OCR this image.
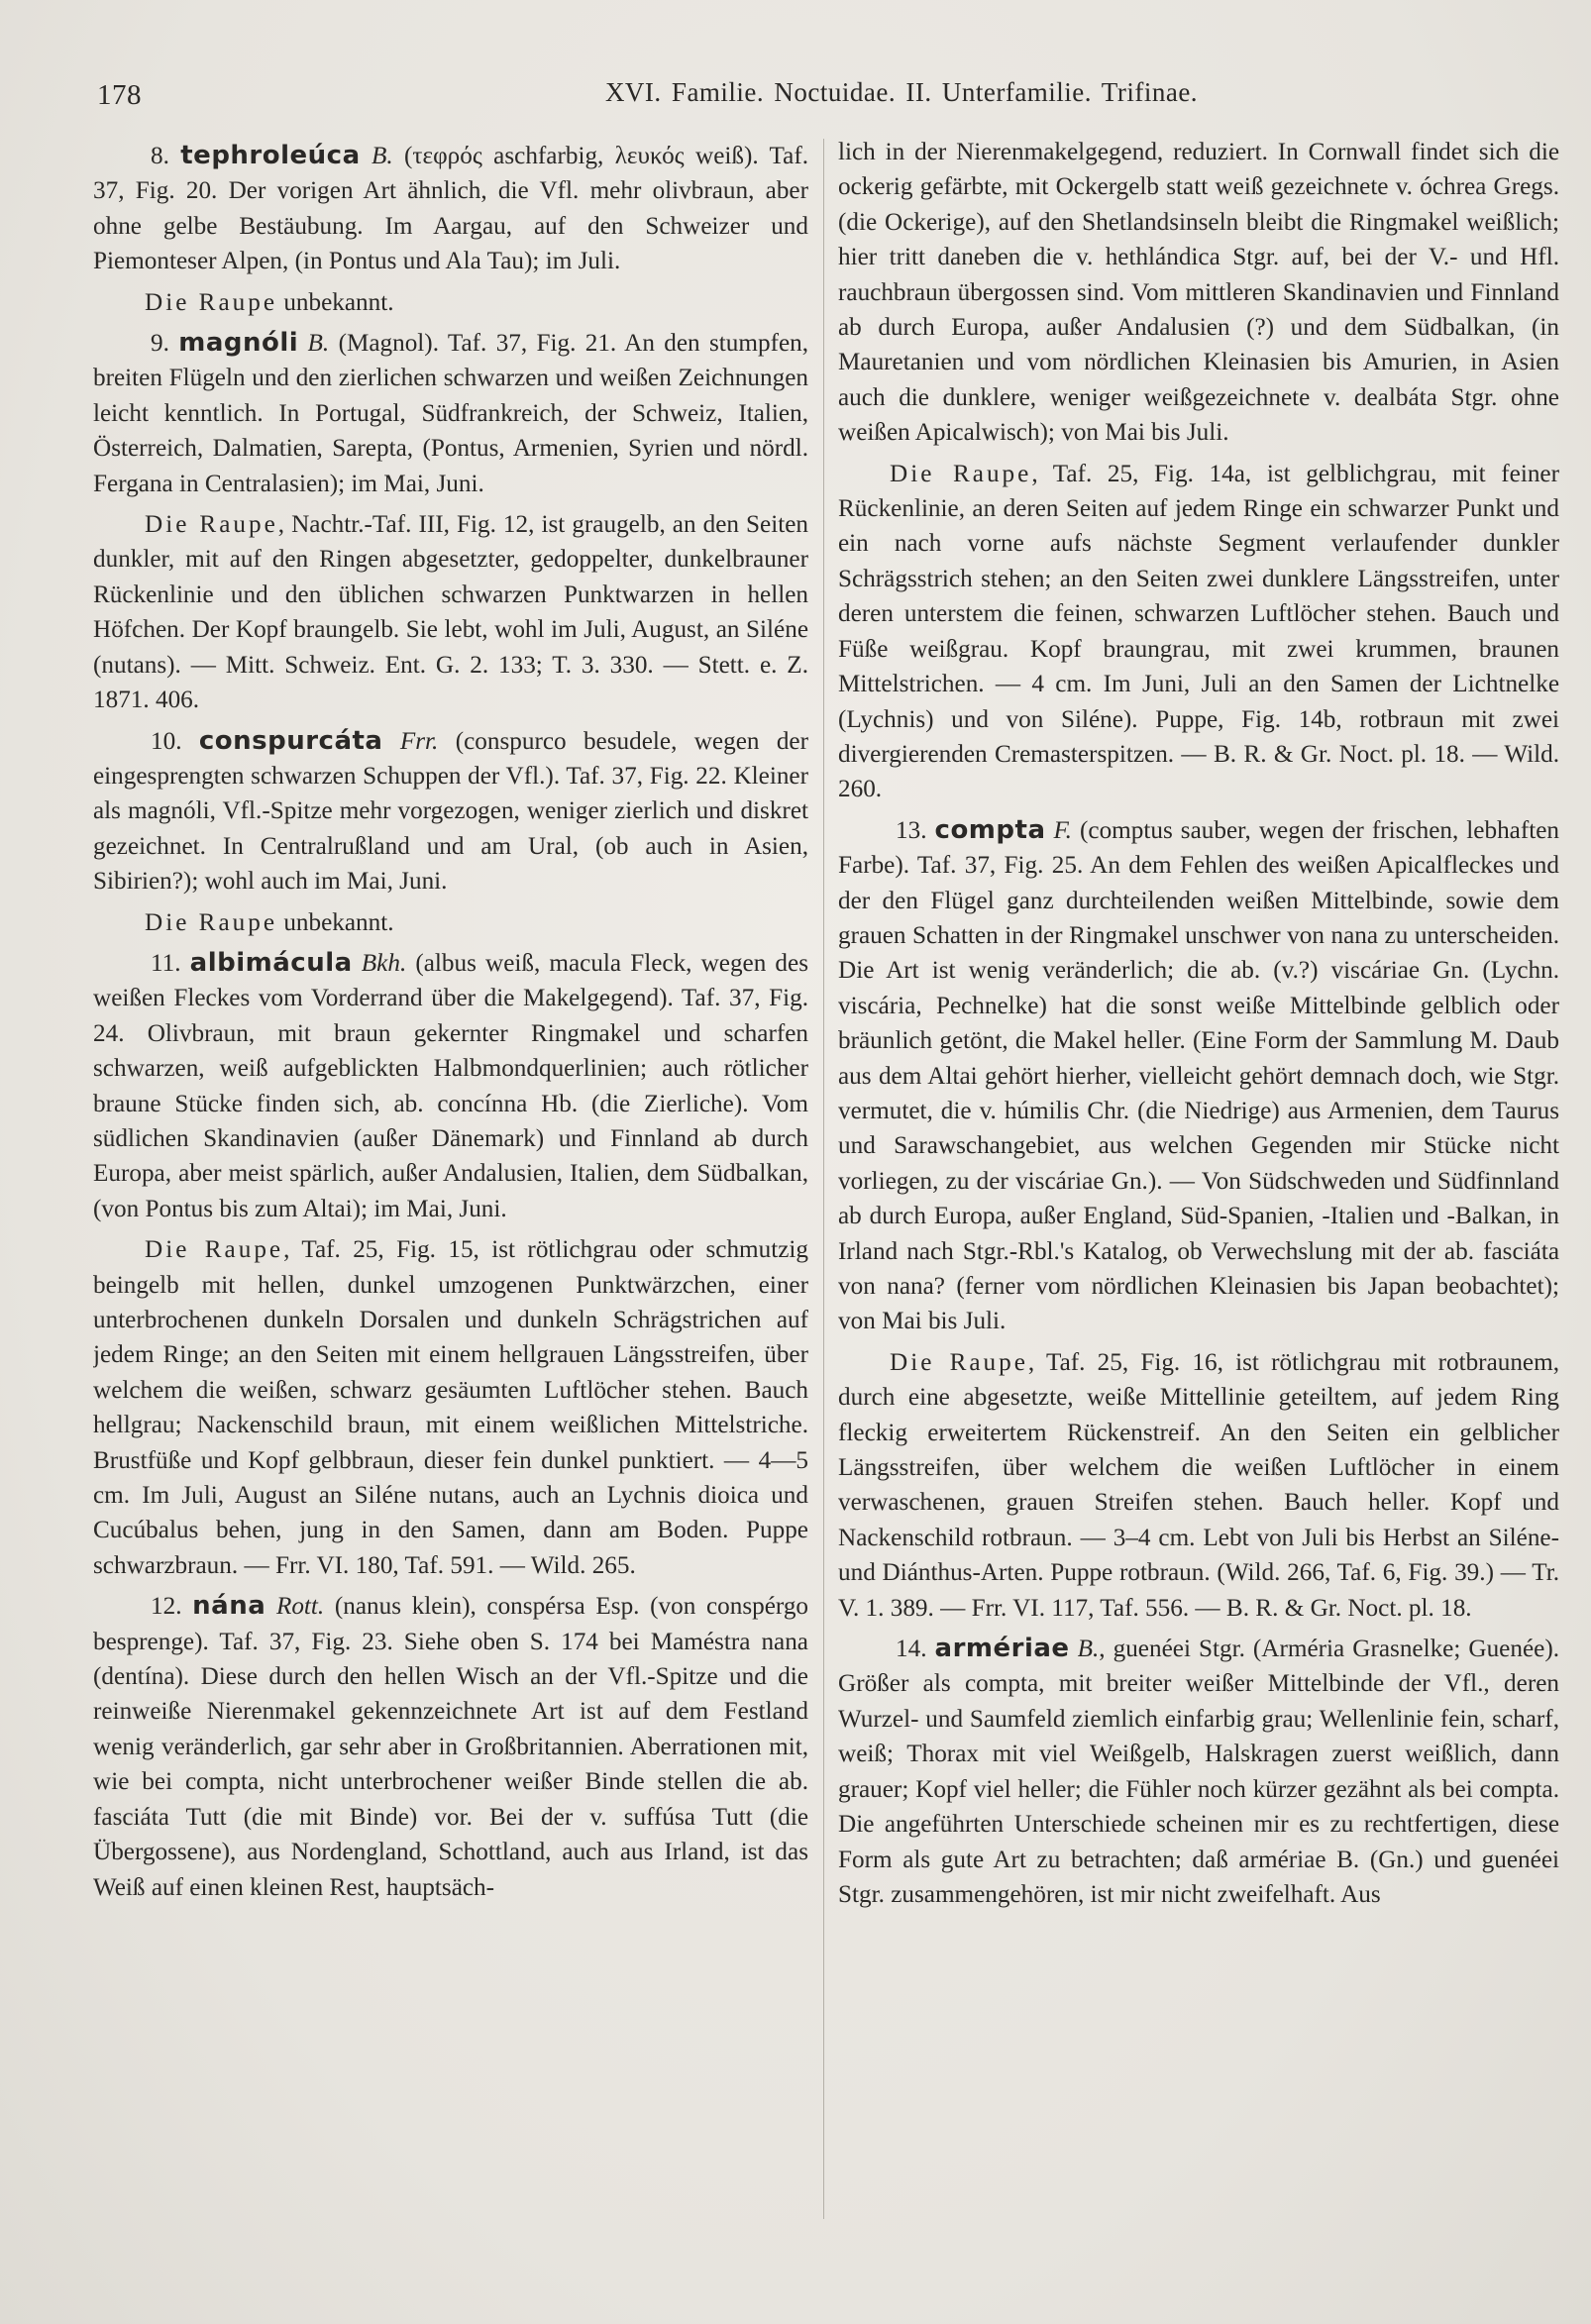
178	XVI. Familie. Noctuidae. II. Unterfamilie. Trifinae.

8. tephroleúca B. (τεφρός aschfarbig, λευκός weiß). Taf. 37, Fig. 20. Der vorigen Art ähnlich, die Vfl. mehr olivbraun, aber ohne gelbe Bestäubung. Im Aargau, auf den Schweizer und Piemonteser Alpen, (in Pontus und Ala Tau); im Juli.

Die Raupe unbekannt.

9. magnóli B. (Magnol). Taf. 37, Fig. 21. An den stumpfen, breiten Flügeln und den zierlichen schwarzen und weißen Zeichnungen leicht kenntlich. In Portugal, Südfrankreich, der Schweiz, Italien, Österreich, Dalmatien, Sarepta, (Pontus, Armenien, Syrien und nördl. Fergana in Centralasien); im Mai, Juni.

Die Raupe, Nachtr.-Taf. III, Fig. 12, ist graugelb, an den Seiten dunkler, mit auf den Ringen abgesetzter, gedoppelter, dunkelbrauner Rückenlinie und den üblichen schwarzen Punktwarzen in hellen Höfchen. Der Kopf braungelb. Sie lebt, wohl im Juli, August, an Siléne (nutans). — Mitt. Schweiz. Ent. G. 2. 133; T. 3. 330. — Stett. e. Z. 1871. 406.

10. conspurcáta Frr. (conspurco besudele, wegen der eingesprengten schwarzen Schuppen der Vfl.). Taf. 37, Fig. 22. Kleiner als magnóli, Vfl.-Spitze mehr vorgezogen, weniger zierlich und diskret gezeichnet. In Centralrußland und am Ural, (ob auch in Asien, Sibirien?); wohl auch im Mai, Juni.

Die Raupe unbekannt.

11. albimácula Bkh. (albus weiß, macula Fleck, wegen des weißen Fleckes vom Vorderrand über die Makelgegend). Taf. 37, Fig. 24. Olivbraun, mit braun gekernter Ringmakel und scharfen schwarzen, weiß aufgeblickten Halbmondquerlinien; auch rötlicher braune Stücke finden sich, ab. concínna Hb. (die Zierliche). Vom südlichen Skandinavien (außer Dänemark) und Finnland ab durch Europa, aber meist spärlich, außer Andalusien, Italien, dem Südbalkan, (von Pontus bis zum Altai); im Mai, Juni.

Die Raupe, Taf. 25, Fig. 15, ist rötlichgrau oder schmutzig beingelb mit hellen, dunkel umzogenen Punktwärzchen, einer unterbrochenen dunkeln Dorsalen und dunkeln Schrägstrichen auf jedem Ringe; an den Seiten mit einem hellgrauen Längsstreifen, über welchem die weißen, schwarz gesäumten Luftlöcher stehen. Bauch hellgrau; Nackenschild braun, mit einem weißlichen Mittelstriche. Brustfüße und Kopf gelbbraun, dieser fein dunkel punktiert. — 4—5 cm. Im Juli, August an Siléne nutans, auch an Lychnis dioica und Cucúbalus behen, jung in den Samen, dann am Boden. Puppe schwarzbraun. — Frr. VI. 180, Taf. 591. — Wild. 265.

12. nána Rott. (nanus klein), conspérsa Esp. (von conspérgo besprenge). Taf. 37, Fig. 23. Siehe oben S. 174 bei Maméstra nana (dentína). Diese durch den hellen Wisch an der Vfl.-Spitze und die reinweiße Nierenmakel gekennzeichnete Art ist auf dem Festland wenig veränderlich, gar sehr aber in Großbritannien. Aberrationen mit, wie bei compta, nicht unterbrochener weißer Binde stellen die ab. fasciáta Tutt (die mit Binde) vor. Bei der v. suffúsa Tutt (die Übergossene), aus Nordengland, Schottland, auch aus Irland, ist das Weiß auf einen kleinen Rest, hauptsäch-

lich in der Nierenmakelgegend, reduziert. In Cornwall findet sich die ockerig gefärbte, mit Ockergelb statt weiß gezeichnete v. óchrea Gregs. (die Ockerige), auf den Shetlandsinseln bleibt die Ringmakel weißlich; hier tritt daneben die v. hethlándica Stgr. auf, bei der V.- und Hfl. rauchbraun übergossen sind. Vom mittleren Skandinavien und Finnland ab durch Europa, außer Andalusien (?) und dem Südbalkan, (in Mauretanien und vom nördlichen Kleinasien bis Amurien, in Asien auch die dunklere, weniger weißgezeichnete v. dealbáta Stgr. ohne weißen Apicalwisch); von Mai bis Juli.

Die Raupe, Taf. 25, Fig. 14a, ist gelblichgrau, mit feiner Rückenlinie, an deren Seiten auf jedem Ringe ein schwarzer Punkt und ein nach vorne aufs nächste Segment verlaufender dunkler Schrägsstrich stehen; an den Seiten zwei dunklere Längsstreifen, unter deren unterstem die feinen, schwarzen Luftlöcher stehen. Bauch und Füße weißgrau. Kopf braungrau, mit zwei krummen, braunen Mittelstrichen. — 4 cm. Im Juni, Juli an den Samen der Lichtnelke (Lychnis) und von Siléne). Puppe, Fig. 14b, rotbraun mit zwei divergierenden Cremasterspitzen. — B. R. & Gr. Noct. pl. 18. — Wild. 260.

13. compta F. (comptus sauber, wegen der frischen, lebhaften Farbe). Taf. 37, Fig. 25. An dem Fehlen des weißen Apicalfleckes und der den Flügel ganz durchteilenden weißen Mittelbinde, sowie dem grauen Schatten in der Ringmakel unschwer von nana zu unterscheiden. Die Art ist wenig veränderlich; die ab. (v.?) viscáriae Gn. (Lychn. viscária, Pechnelke) hat die sonst weiße Mittelbinde gelblich oder bräunlich getönt, die Makel heller. (Eine Form der Sammlung M. Daub aus dem Altai gehört hierher, vielleicht gehört demnach doch, wie Stgr. vermutet, die v. húmilis Chr. (die Niedrige) aus Armenien, dem Taurus und Sarawschangebiet, aus welchen Gegenden mir Stücke nicht vorliegen, zu der viscáriae Gn.). — Von Südschweden und Südfinnland ab durch Europa, außer England, Süd-Spanien, -Italien und -Balkan, in Irland nach Stgr.-Rbl.'s Katalog, ob Verwechslung mit der ab. fasciáta von nana? (ferner vom nördlichen Kleinasien bis Japan beobachtet); von Mai bis Juli.

Die Raupe, Taf. 25, Fig. 16, ist rötlichgrau mit rotbraunem, durch eine abgesetzte, weiße Mittellinie geteiltem, auf jedem Ring fleckig erweitertem Rückenstreif. An den Seiten ein gelblicher Längsstreifen, über welchem die weißen Luftlöcher in einem verwaschenen, grauen Streifen stehen. Bauch heller. Kopf und Nackenschild rotbraun. — 3–4 cm. Lebt von Juli bis Herbst an Siléne- und Diánthus-Arten. Puppe rotbraun. (Wild. 266, Taf. 6, Fig. 39.) — Tr. V. 1. 389. — Frr. VI. 117, Taf. 556. — B. R. & Gr. Noct. pl. 18.

14. armériae B., guenéei Stgr. (Arméria Grasnelke; Guenée). Größer als compta, mit breiter weißer Mittelbinde der Vfl., deren Wurzel- und Saumfeld ziemlich einfarbig grau; Wellenlinie fein, scharf, weiß; Thorax mit viel Weißgelb, Halskragen zuerst weißlich, dann grauer; Kopf viel heller; die Fühler noch kürzer gezähnt als bei compta. Die angeführten Unterschiede scheinen mir es zu rechtfertigen, diese Form als gute Art zu betrachten; daß armériae B. (Gn.) und guenéei Stgr. zusammengehören, ist mir nicht zweifelhaft. Aus
